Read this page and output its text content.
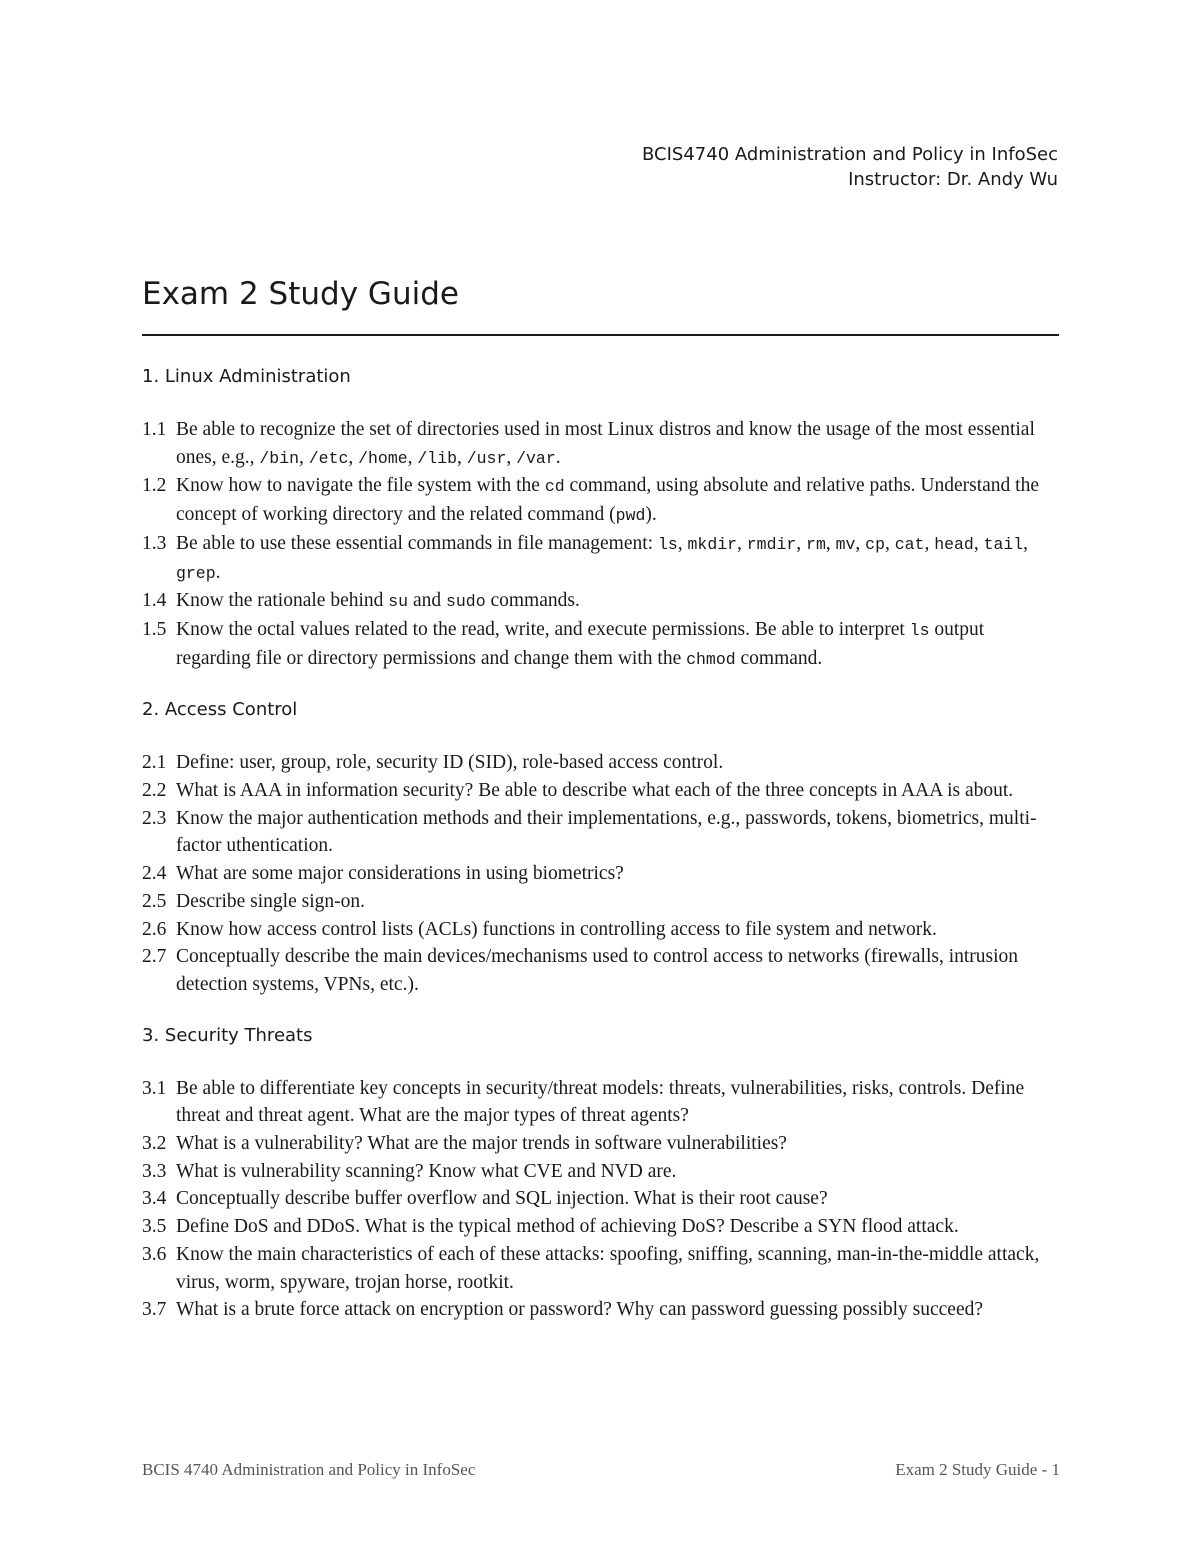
BCIS4740 Administration and Policy in InfoSec
Instructor: Dr. Andy Wu
Exam 2 Study Guide
1. Linux Administration
1.1 Be able to recognize the set of directories used in most Linux distros and know the usage of the most essential ones, e.g., /bin, /etc, /home, /lib, /usr, /var.
1.2 Know how to navigate the file system with the cd command, using absolute and relative paths. Understand the concept of working directory and the related command (pwd).
1.3 Be able to use these essential commands in file management: ls, mkdir, rmdir, rm, mv, cp, cat, head, tail, grep.
1.4 Know the rationale behind su and sudo commands.
1.5 Know the octal values related to the read, write, and execute permissions. Be able to interpret ls output regarding file or directory permissions and change them with the chmod command.
2. Access Control
2.1 Define: user, group, role, security ID (SID), role-based access control.
2.2 What is AAA in information security? Be able to describe what each of the three concepts in AAA is about.
2.3 Know the major authentication methods and their implementations, e.g., passwords, tokens, biometrics, multi-factor uthentication.
2.4 What are some major considerations in using biometrics?
2.5 Describe single sign-on.
2.6 Know how access control lists (ACLs) functions in controlling access to file system and network.
2.7 Conceptually describe the main devices/mechanisms used to control access to networks (firewalls, intrusion detection systems, VPNs, etc.).
3. Security Threats
3.1 Be able to differentiate key concepts in security/threat models: threats, vulnerabilities, risks, controls. Define threat and threat agent. What are the major types of threat agents?
3.2 What is a vulnerability? What are the major trends in software vulnerabilities?
3.3 What is vulnerability scanning? Know what CVE and NVD are.
3.4 Conceptually describe buffer overflow and SQL injection. What is their root cause?
3.5 Define DoS and DDoS. What is the typical method of achieving DoS? Describe a SYN flood attack.
3.6 Know the main characteristics of each of these attacks: spoofing, sniffing, scanning, man-in-the-middle attack, virus, worm, spyware, trojan horse, rootkit.
3.7 What is a brute force attack on encryption or password? Why can password guessing possibly succeed?
BCIS 4740 Administration and Policy in InfoSec	Exam 2 Study Guide - 1
